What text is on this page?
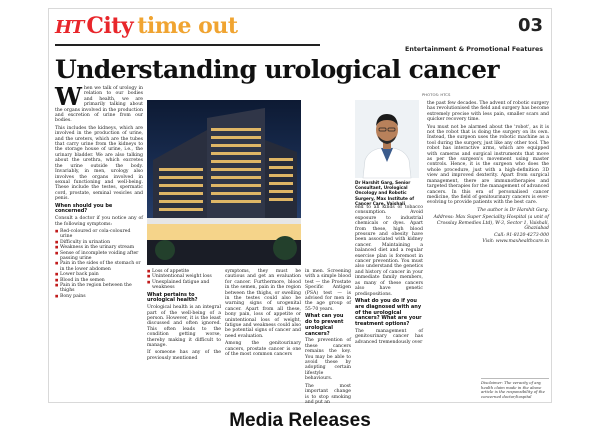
HT City time out	03
Entertainment & Promotional Features
Understanding urological cancer
PHOTOS: HTCS

When we talk of urology in relation to our bodies and health, we are primarily talking about the organs involved in the production and excretion of urine from our bodies.

This includes the kidneys, which are involved in the production of urine, and the ureters, which are the tubes that carry urine from the kidneys to the storage house of urine, i.e., the urinary bladder. We are also talking about the urethra, which excretes the urine outside the body. Invariably, in men, urology also involves the organs involved in sexual functioning and well-being. These include the testes, spermatic cord, prostate, seminal vesicles and penis.

When should you be concerned?

Consult a doctor if you notice any of the following symptoms:

■ Red-coloured or cola-coloured urine
■ Difficulty in urination
■ Weakness in the urinary stream
■ Sense of incomplete voiding after passing urine
■ Pain in the sides of the stomach or in the lower abdomen
■ Lower back pain
■ Blood in the semen
■ Pain in the region between the thighs
■ Bony pains
■ Loss of appetite
■ Unintentional weight loss
■ Unexplained fatigue and weakness
What pertains to urological health?

Urological health is an integral part of the well-being of a person. However, it is the least discussed and often ignored. This often leads to the condition getting worse, thereby making it difficult to manage.

If someone has any of the previously mentioned

symptoms, they must be cautious and get an evaluation for cancer. Furthermore, blood in the semen, pain in the region between the thighs, or swelling in the testes could also be warning signs of urogenital cancer. Apart from all these, bony pain, loss of appetite or unintentional loss of weight, fatigue and weakness could also be potential signs of cancer and need evaluation.

Among the genitourinary cancers, prostate cancer is one of the most common cancers

in men. Screening with a simple blood test — the Prostate Specific Antigen (PSA) test — is advised for men in the age group of 55-70 years.

What can you do to prevent urological cancers?

The prevention of these cancers remains the key. You may be able to avoid these by adopting certain lifestyle behaviours.

The most important change is to stop smoking and put an

Dr Harshit Garg, Senior Consultant, Urological Oncology and Robotic Surgery, Max Institute of Cancer Care, Vaishali

end to all kinds of tobacco consumption. Avoid exposure to industrial chemicals or dyes. Apart from these, high blood pressure and obesity have been associated with kidney cancer. Maintaining a balanced diet and a regular exercise plan is foremost in cancer prevention. You must also understand the genetics and history of cancer in your immediate family members, as many of these cancers also have genetic predispositions.

What do you do if you are diagnosed with any of the urological cancers? What are your treatment options?

The management of genitourinary cancer has advanced tremendously over

the past few decades. The advent of robotic surgery has revolutionised the field and surgery has become extremely precise with less pain, smaller scars and quicker recovery time.

You must not be alarmed about the 'robot', as it is not the robot that is doing the surgery on its own. Instead, the surgeon uses the robotic machine as a tool during the surgery, just like any other tool. The robot has interactive arms, which are equipped with cameras and surgical instruments that move as per the surgeon's movement using master controls. Hence, it is the surgeon who does the whole procedure, just with a high-definition 3D view and improved dexterity. Apart from surgical management, there are immunotherapies and targeted therapies for the management of advanced cancers. In this era of personalised cancer medicine, the field of genitourinary cancers is ever-evolving to provide patients with the best care.

The author is Dr Harshit Garg.

Address: Max Super Speciality Hospital (a unit of Crosslay Remedies Ltd), W-3, Sector 1, Vaishali, Ghaziabad

Call: 91-8120-4273-000

Visit: www.maxhealthcare.in

Disclaimer: The veracity of any health claim made in the above article is the responsibility of the concerned doctor/hospital
Media Releases
